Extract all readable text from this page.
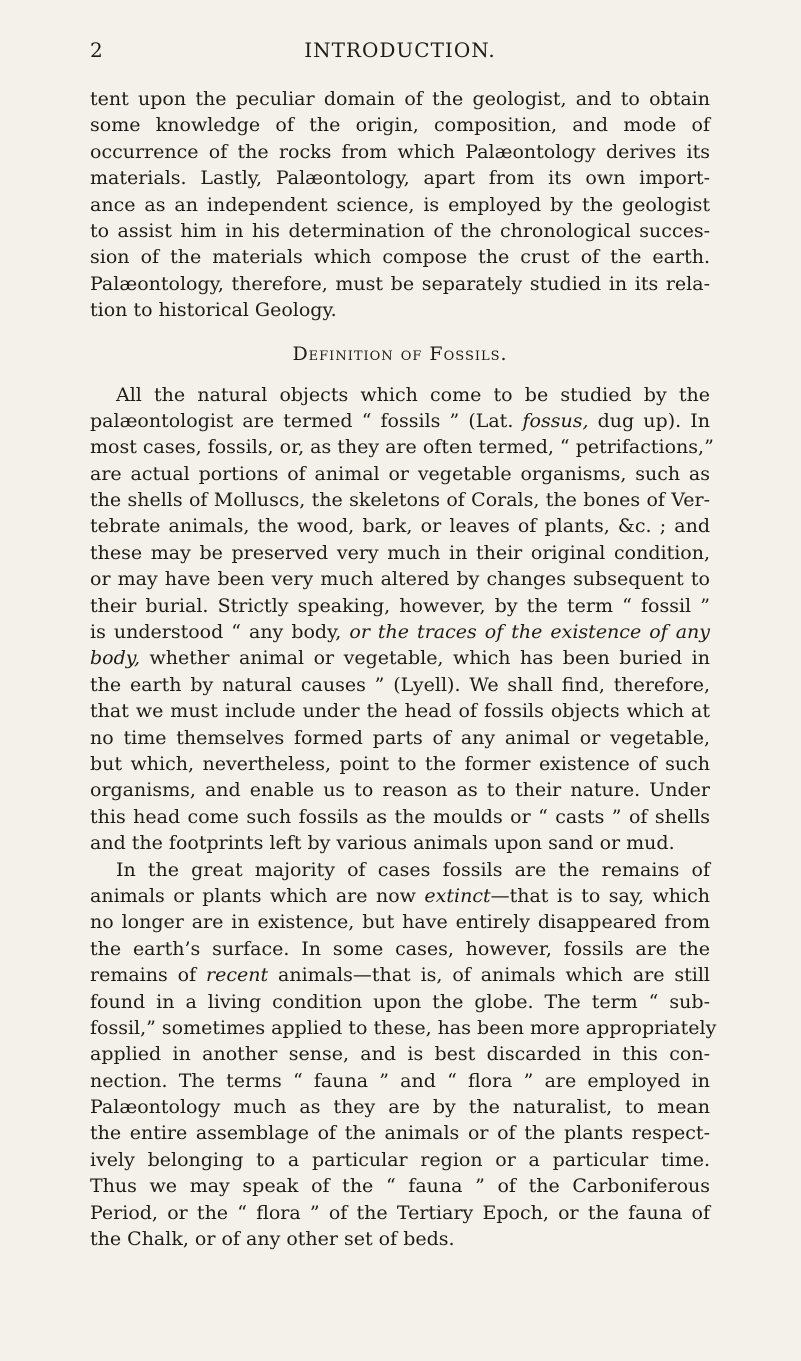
2	INTRODUCTION.
tent upon the peculiar domain of the geologist, and to obtain
some knowledge of the origin, composition, and mode of
occurrence of the rocks from which Palæontology derives its
materials. Lastly, Palæontology, apart from its own import-
ance as an independent science, is employed by the geologist
to assist him in his determination of the chronological succes-
sion of the materials which compose the crust of the earth.
Palæontology, therefore, must be separately studied in its rela-
tion to historical Geology.
Definition of Fossils.
All the natural objects which come to be studied by the
palæontologist are termed “ fossils ” (Lat. fossus, dug up). In
most cases, fossils, or, as they are often termed, “ petrifactions,”
are actual portions of animal or vegetable organisms, such as
the shells of Molluscs, the skeletons of Corals, the bones of Ver-
tebrate animals, the wood, bark, or leaves of plants, &c. ; and
these may be preserved very much in their original condition,
or may have been very much altered by changes subsequent to
their burial. Strictly speaking, however, by the term “ fossil ”
is understood “ any body, or the traces of the existence of any
body, whether animal or vegetable, which has been buried in
the earth by natural causes ” (Lyell). We shall find, therefore,
that we must include under the head of fossils objects which at
no time themselves formed parts of any animal or vegetable,
but which, nevertheless, point to the former existence of such
organisms, and enable us to reason as to their nature. Under
this head come such fossils as the moulds or “ casts ” of shells
and the footprints left by various animals upon sand or mud.
In the great majority of cases fossils are the remains of
animals or plants which are now extinct—that is to say, which
no longer are in existence, but have entirely disappeared from
the earth’s surface. In some cases, however, fossils are the
remains of recent animals—that is, of animals which are still
found in a living condition upon the globe. The term “ sub-
fossil,” sometimes applied to these, has been more appropriately
applied in another sense, and is best discarded in this con-
nection. The terms “ fauna ” and “ flora ” are employed in
Palæontology much as they are by the naturalist, to mean
the entire assemblage of the animals or of the plants respect-
ively belonging to a particular region or a particular time.
Thus we may speak of the “ fauna ” of the Carboniferous
Period, or the “ flora ” of the Tertiary Epoch, or the fauna of
the Chalk, or of any other set of beds.
